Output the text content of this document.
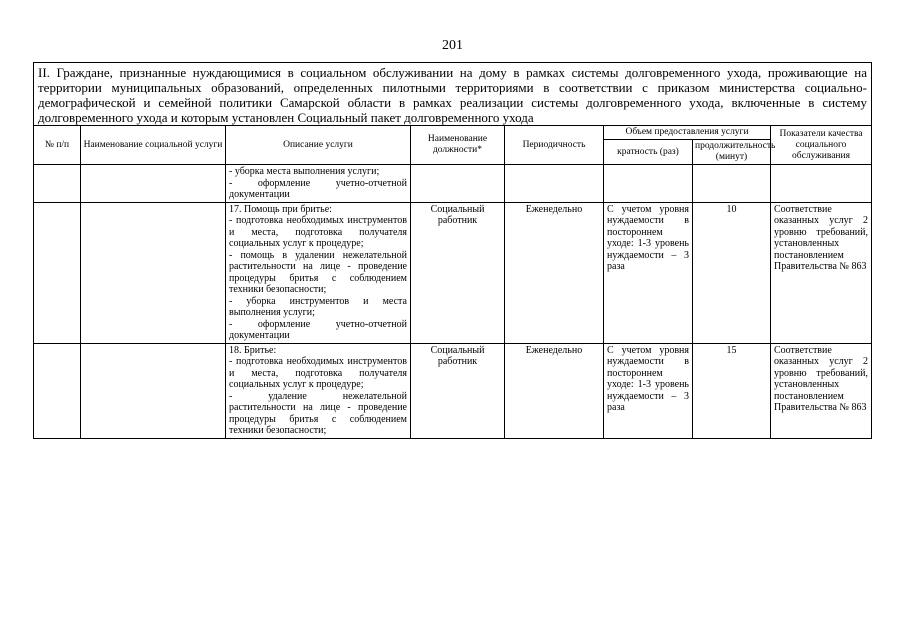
201
II. Граждане, признанные нуждающимися в социальном обслуживании на дому в рамках системы долговременного ухода, проживающие на территории муниципальных образований, определенных пилотными территориями в соответствии с приказом министерства социально-демографической и семейной политики Самарской области в рамках реализации системы долговременного ухода, включенные в систему долговременного ухода и которым установлен Социальный пакет долговременного ухода							
№ п/п	Наименование социальной услуги	Описание услуги	Наименование должности*	Периодичность	Объем предоставления услуги		Показатели качества социального обслуживания
					кратность (раз)	продолжительность (минут)	

		- уборка места выполнения услуги;
- оформление учетно-отчетной документации					

		17. Помощь при бритье:
- подготовка необходимых инструментов и места, подготовка получателя социальных услуг к процедуре;
- помощь в удалении нежелательной растительности на лице - проведение процедуры бритья с соблюдением техники безопасности;
- уборка инструментов и места выполнения услуги;
- оформление учетно-отчетной документации	Социальный работник	Еженедельно	С учетом уровня нуждаемости в постороннем уходе: 1-3 уровень нуждаемости – 3 раза	10	Соответствие оказанных услуг 2 уровню требований, установленных постановлением Правительства № 863

		18. Бритье:
- подготовка необходимых инструментов и места, подготовка получателя социальных услуг к процедуре;
- удаление нежелательной растительности на лице - проведение процедуры бритья с соблюдением техники безопасности;	Социальный работник	Еженедельно	С учетом уровня нуждаемости в постороннем уходе: 1-3 уровень нуждаемости – 3 раза	15	Соответствие оказанных услуг 2 уровню требований, установленных постановлением Правительства № 863
